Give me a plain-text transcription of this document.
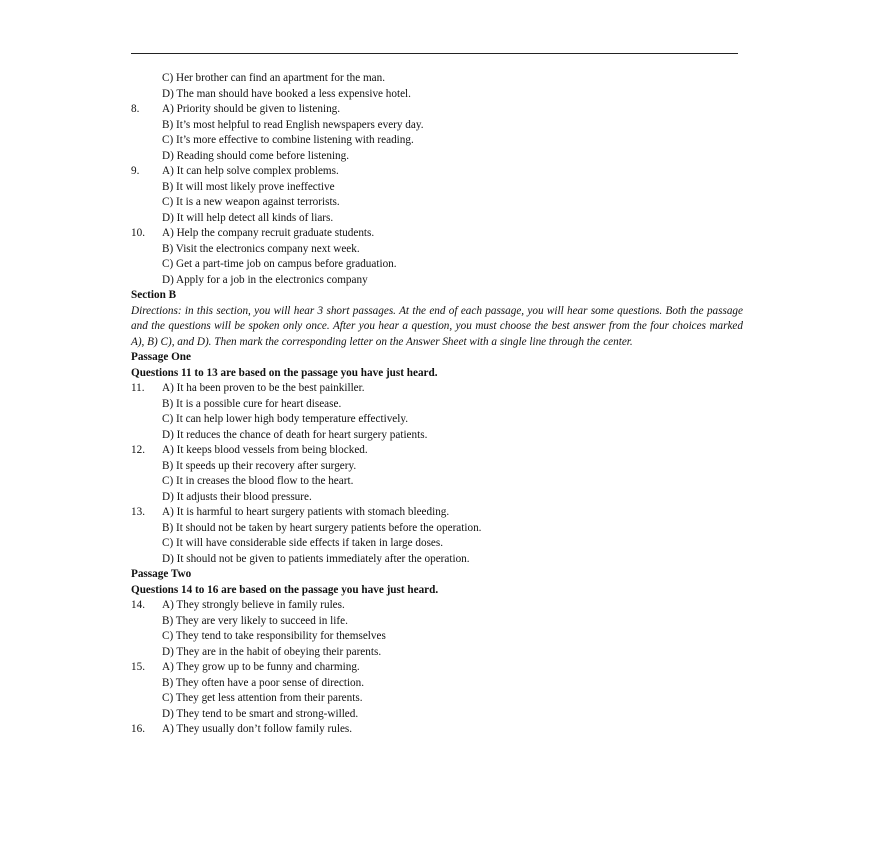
C) Her brother can find an apartment for the man.
D) The man should have booked a less expensive hotel.
8. A) Priority should be given to listening.
B) It’s most helpful to read English newspapers every day.
C) It’s more effective to combine listening with reading.
D) Reading should come before listening.
9. A) It can help solve complex problems.
B) It will most likely prove ineffective
C) It is a new weapon against terrorists.
D) It will help detect all kinds of liars.
10. A) Help the company recruit graduate students.
B) Visit the electronics company next week.
C) Get a part-time job on campus before graduation.
D) Apply for a job in the electronics company
Section B
Directions: in this section, you will hear 3 short passages. At the end of each passage, you will hear some questions. Both the passage and the questions will be spoken only once. After you hear a question, you must choose the best answer from the four choices marked A), B) C), and D). Then mark the corresponding letter on the Answer Sheet with a single line through the center.
Passage One
Questions 11 to 13 are based on the passage you have just heard.
11. A) It ha been proven to be the best painkiller.
B) It is a possible cure for heart disease.
C) It can help lower high body temperature effectively.
D) It reduces the chance of death for heart surgery patients.
12. A) It keeps blood vessels from being blocked.
B) It speeds up their recovery after surgery.
C) It in creases the blood flow to the heart.
D) It adjusts their blood pressure.
13. A) It is harmful to heart surgery patients with stomach bleeding.
B) It should not be taken by heart surgery patients before the operation.
C) It will have considerable side effects if taken in large doses.
D) It should not be given to patients immediately after the operation.
Passage Two
Questions 14 to 16 are based on the passage you have just heard.
14. A) They strongly believe in family rules.
B) They are very likely to succeed in life.
C) They tend to take responsibility for themselves
D) They are in the habit of obeying their parents.
15. A) They grow up to be funny and charming.
B) They often have a poor sense of direction.
C) They get less attention from their parents.
D) They tend to be smart and strong-willed.
16. A) They usually don’t follow family rules.
